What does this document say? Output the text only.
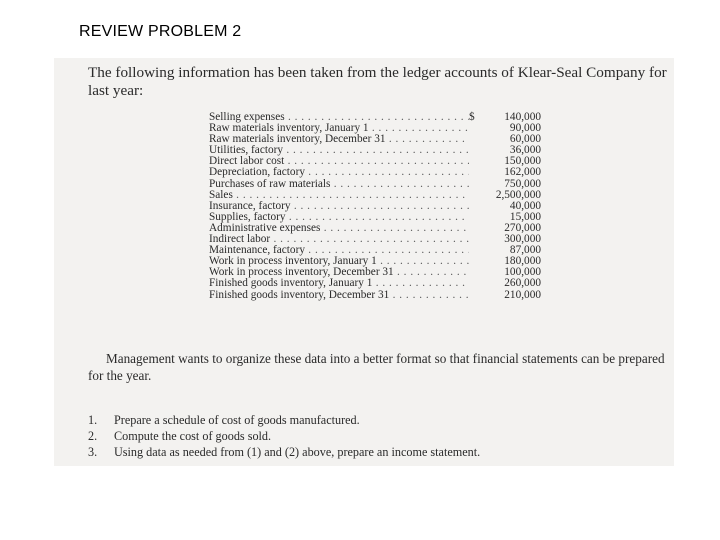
REVIEW PROBLEM 2

The following information has been taken from the ledger accounts of Klear-Seal Company for last year:

Selling expenses . . .	$	140,000
Raw materials inventory, January 1 . . .	90,000
Raw materials inventory, December 31 . . .	60,000
Utilities, factory . . .	36,000
Direct labor cost . . .	150,000
Depreciation, factory . . .	162,000
Purchases of raw materials . . .	750,000
Sales . . .	2,500,000
Insurance, factory . . .	40,000
Supplies, factory . . .	15,000
Administrative expenses . . .	270,000
Indirect labor . . .	300,000
Maintenance, factory . . .	87,000
Work in process inventory, January 1 . . .	180,000
Work in process inventory, December 31 . . .	100,000
Finished goods inventory, January 1 . . .	260,000
Finished goods inventory, December 31 . . .	210,000

Management wants to organize these data into a better format so that financial statements can be prepared for the year.

1.	Prepare a schedule of cost of goods manufactured.
2.	Compute the cost of goods sold.
3.	Using data as needed from (1) and (2) above, prepare an income statement.
